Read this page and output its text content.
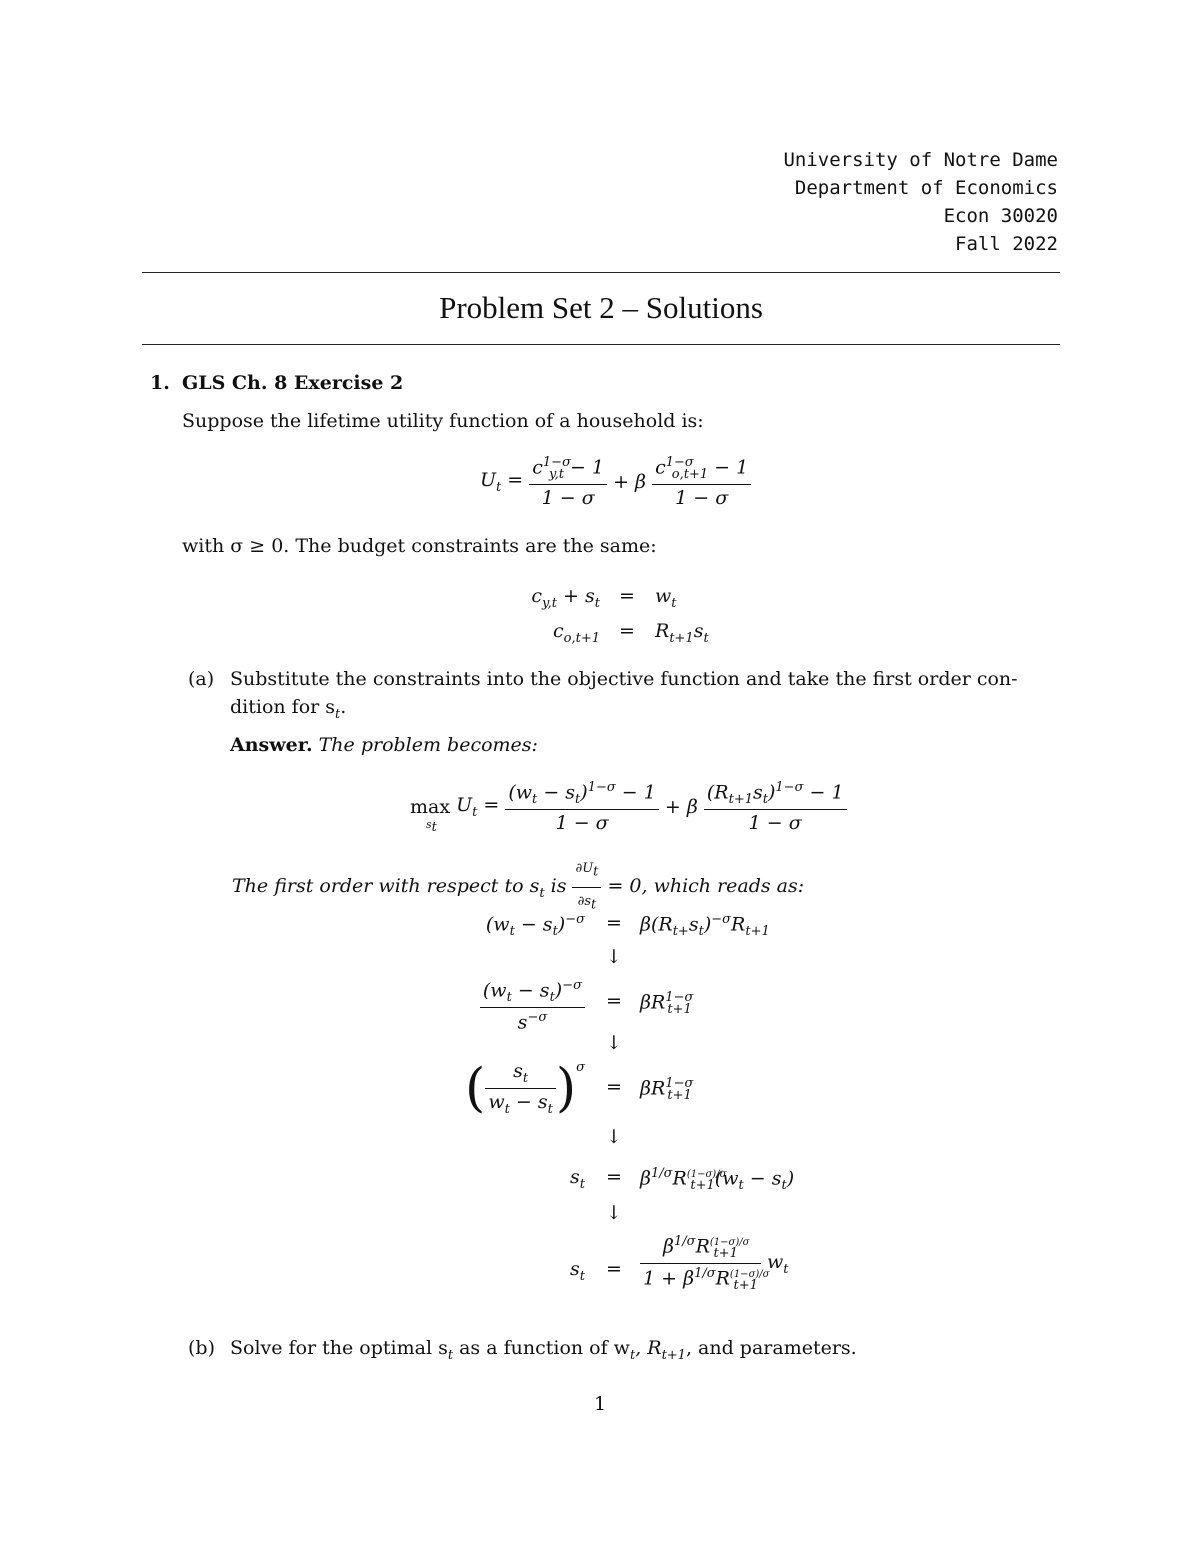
University of Notre Dame
Department of Economics
Econ 30020
Fall 2022
Problem Set 2 – Solutions
1. GLS Ch. 8 Exercise 2
Suppose the lifetime utility function of a household is:
$U_t = \frac{c^{1-\sigma}_{y,t} - 1}{1 - \sigma} + \beta \frac{c^{1-\sigma}_{o,t+1} - 1}{1 - \sigma}$
with σ ≥ 0. The budget constraints are the same:
$c_{y,t} + s_t$	=	$w_t$
$c_{o,t+1}$	=	$R_{t+1}s_t$
(a) Substitute the constraints into the objective function and take the first order con-
dition for $s_t$.
Answer. The problem becomes:
$\max U_t = \frac{(w_t - s_t)^{1-\sigma} - 1}{1 - \sigma} + \beta \frac{(R_{t+1}s_t)^{1-\sigma} - 1}{1 - \sigma}$
$s_t$
The first order with respect to $s_t$ is $\frac{\partial U_t}{\partial s_t} = 0$, which reads as:
$(w_t - s_t)^{-\sigma}$	= $\beta(R_{t+}s_t)^{-\sigma}R_{t+1}$
↓
$\frac{(w_t - s_t)^{-\sigma}}{s^{-\sigma}}$	= $\beta R^{1-\sigma}_{t+1}$
↓
( $\frac{s_t}{w_t - s_t} )^\sigma$
= $\beta R^{1-\sigma}_{t+1}$
↓
$s_t$	= $\beta^{1/\sigma}R^{(1-\sigma)/\sigma}_{t+1}(w_t - s_t)$
↓
$s_t$	= $\frac{\beta^{1/\sigma}R^{(1-\sigma)/\sigma}_{t+1}}{1 + \beta^{1/\sigma}R^{(1-\sigma)/\sigma}_{t+1}} w_t$
(b) Solve for the optimal $s_t$ as a function of $w_t$, $R_{t+1}$, and parameters.
1
